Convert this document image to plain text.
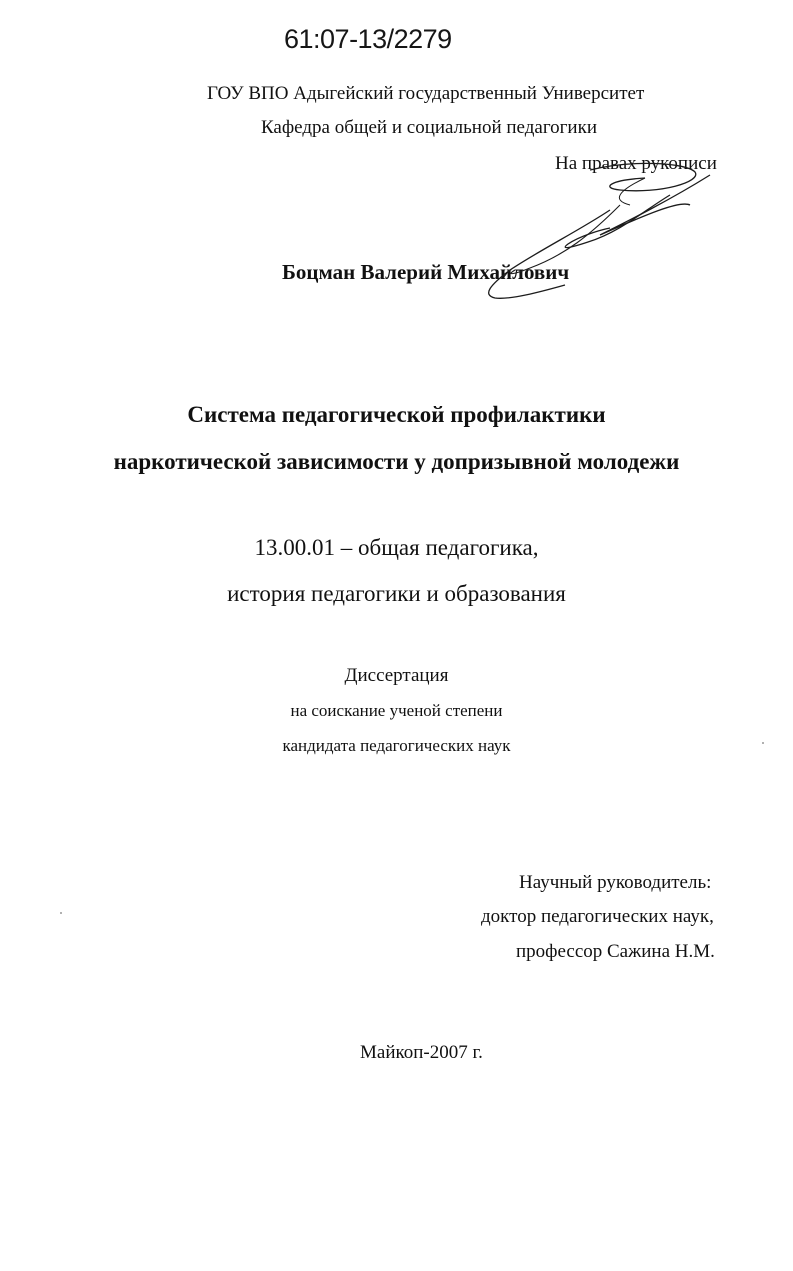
61:07-13/2279
ГОУ ВПО Адыгейский государственный Университет
Кафедра общей и социальной педагогики
На правах рукописи
Боцман Валерий Михайлович
Система педагогической профилактики
наркотической зависимости у допризывной молодежи
13.00.01 – общая педагогика,
история педагогики и образования
Диссертация
на соискание ученой степени
кандидата педагогических наук
Научный руководитель:
доктор педагогических наук,
профессор Сажина Н.М.
Майкоп-2007 г.
